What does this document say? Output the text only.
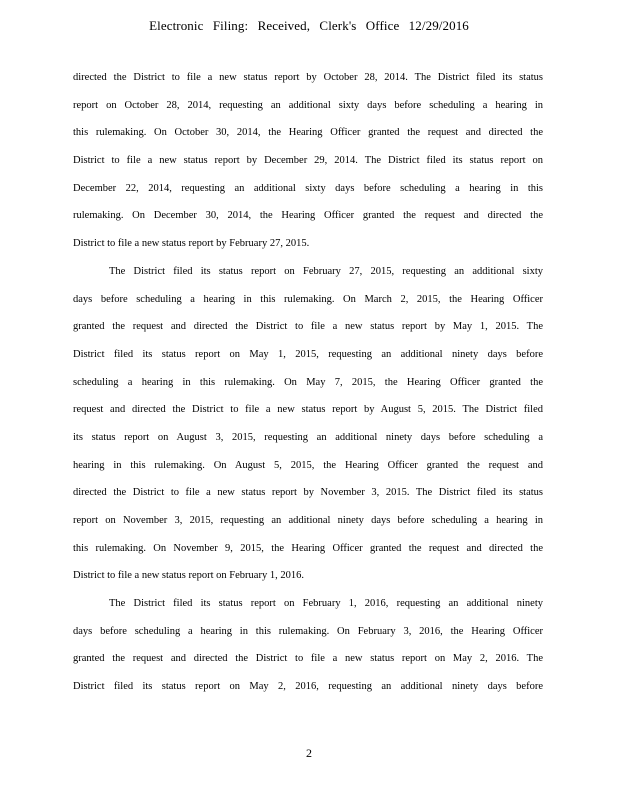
Electronic Filing: Received, Clerk's Office 12/29/2016
directed the District to file a new status report by October 28, 2014. The District filed its status
report on October 28, 2014, requesting an additional sixty days before scheduling a hearing in
this rulemaking. On October 30, 2014, the Hearing Officer granted the request and directed the
District to file a new status report by December 29, 2014. The District filed its status report on
December 22, 2014, requesting an additional sixty days before scheduling a hearing in this
rulemaking. On December 30, 2014, the Hearing Officer granted the request and directed the
District to file a new status report by February 27, 2015.
The District filed its status report on February 27, 2015, requesting an additional sixty
days before scheduling a hearing in this rulemaking. On March 2, 2015, the Hearing Officer
granted the request and directed the District to file a new status report by May 1, 2015. The
District filed its status report on May 1, 2015, requesting an additional ninety days before
scheduling a hearing in this rulemaking. On May 7, 2015, the Hearing Officer granted the
request and directed the District to file a new status report by August 5, 2015. The District filed
its status report on August 3, 2015, requesting an additional ninety days before scheduling a
hearing in this rulemaking. On August 5, 2015, the Hearing Officer granted the request and
directed the District to file a new status report by November 3, 2015. The District filed its status
report on November 3, 2015, requesting an additional ninety days before scheduling a hearing in
this rulemaking. On November 9, 2015, the Hearing Officer granted the request and directed the
District to file a new status report on February 1, 2016.
The District filed its status report on February 1, 2016, requesting an additional ninety
days before scheduling a hearing in this rulemaking. On February 3, 2016, the Hearing Officer
granted the request and directed the District to file a new status report on May 2, 2016. The
District filed its status report on May 2, 2016, requesting an additional ninety days before
2
